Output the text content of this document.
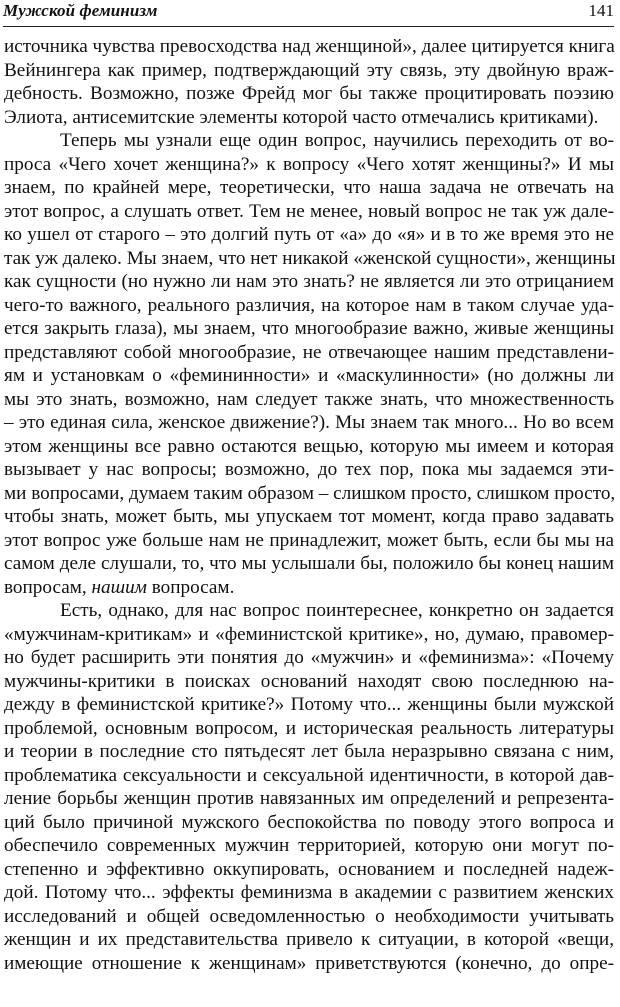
Мужской феминизм	141
источника чувства превосходства над женщиной», далее цитируется книга
Вейнингера как пример, подтверждающий эту связь, эту двойную враж-
дебность. Возможно, позже Фрейд мог бы также процитировать поэзию
Элиота, антисемитские элементы которой часто отмечались критиками).
Теперь мы узнали еще один вопрос, научились переходить от во-
проса «Чего хочет женщина?» к вопросу «Чего хотят женщины?» И мы
знаем, по крайней мере, теоретически, что наша задача не отвечать на
этот вопрос, а слушать ответ. Тем не менее, новый вопрос не так уж дале-
ко ушел от старого – это долгий путь от «а» до «я» и в то же время это не
так уж далеко. Мы знаем, что нет никакой «женской сущности», женщины
как сущности (но нужно ли нам это знать? не является ли это отрицанием
чего-то важного, реального различия, на которое нам в таком случае уда-
ется закрыть глаза), мы знаем, что многообразие важно, живые женщины
представляют собой многообразие, не отвечающее нашим представлени-
ям и установкам о «фемининности» и «маскулинности» (но должны ли
мы это знать, возможно, нам следует также знать, что множественность
– это единая сила, женское движение?). Мы знаем так много... Но во всем
этом женщины все равно остаются вещью, которую мы имеем и которая
вызывает у нас вопросы; возможно, до тех пор, пока мы задаемся эти-
ми вопросами, думаем таким образом – слишком просто, слишком просто,
чтобы знать, может быть, мы упускаем тот момент, когда право задавать
этот вопрос уже больше нам не принадлежит, может быть, если бы мы на
самом деле слушали, то, что мы услышали бы, положило бы конец нашим
вопросам, нашим вопросам.
Есть, однако, для нас вопрос поинтереснее, конкретно он задается
«мужчинам-критикам» и «феминистской критике», но, думаю, правомер-
но будет расширить эти понятия до «мужчин» и «феминизма»: «Почему
мужчины-критики в поисках оснований находят свою последнюю на-
дежду в феминистской критике?» Потому что... женщины были мужской
проблемой, основным вопросом, и историческая реальность литературы
и теории в последние сто пятьдесят лет была неразрывно связана с ним,
проблематика сексуальности и сексуальной идентичности, в которой дав-
ление борьбы женщин против навязанных им определений и репрезента-
ций было причиной мужского беспокойства по поводу этого вопроса и
обеспечило современных мужчин территорией, которую они могут по-
степенно и эффективно оккупировать, основанием и последней надеж-
дой. Потому что... эффекты феминизма в академии с развитием женских
исследований и общей осведомленностью о необходимости учитывать
женщин и их представительства привело к ситуации, в которой «вещи,
имеющие отношение к женщинам» приветствуются (конечно, до опре-
